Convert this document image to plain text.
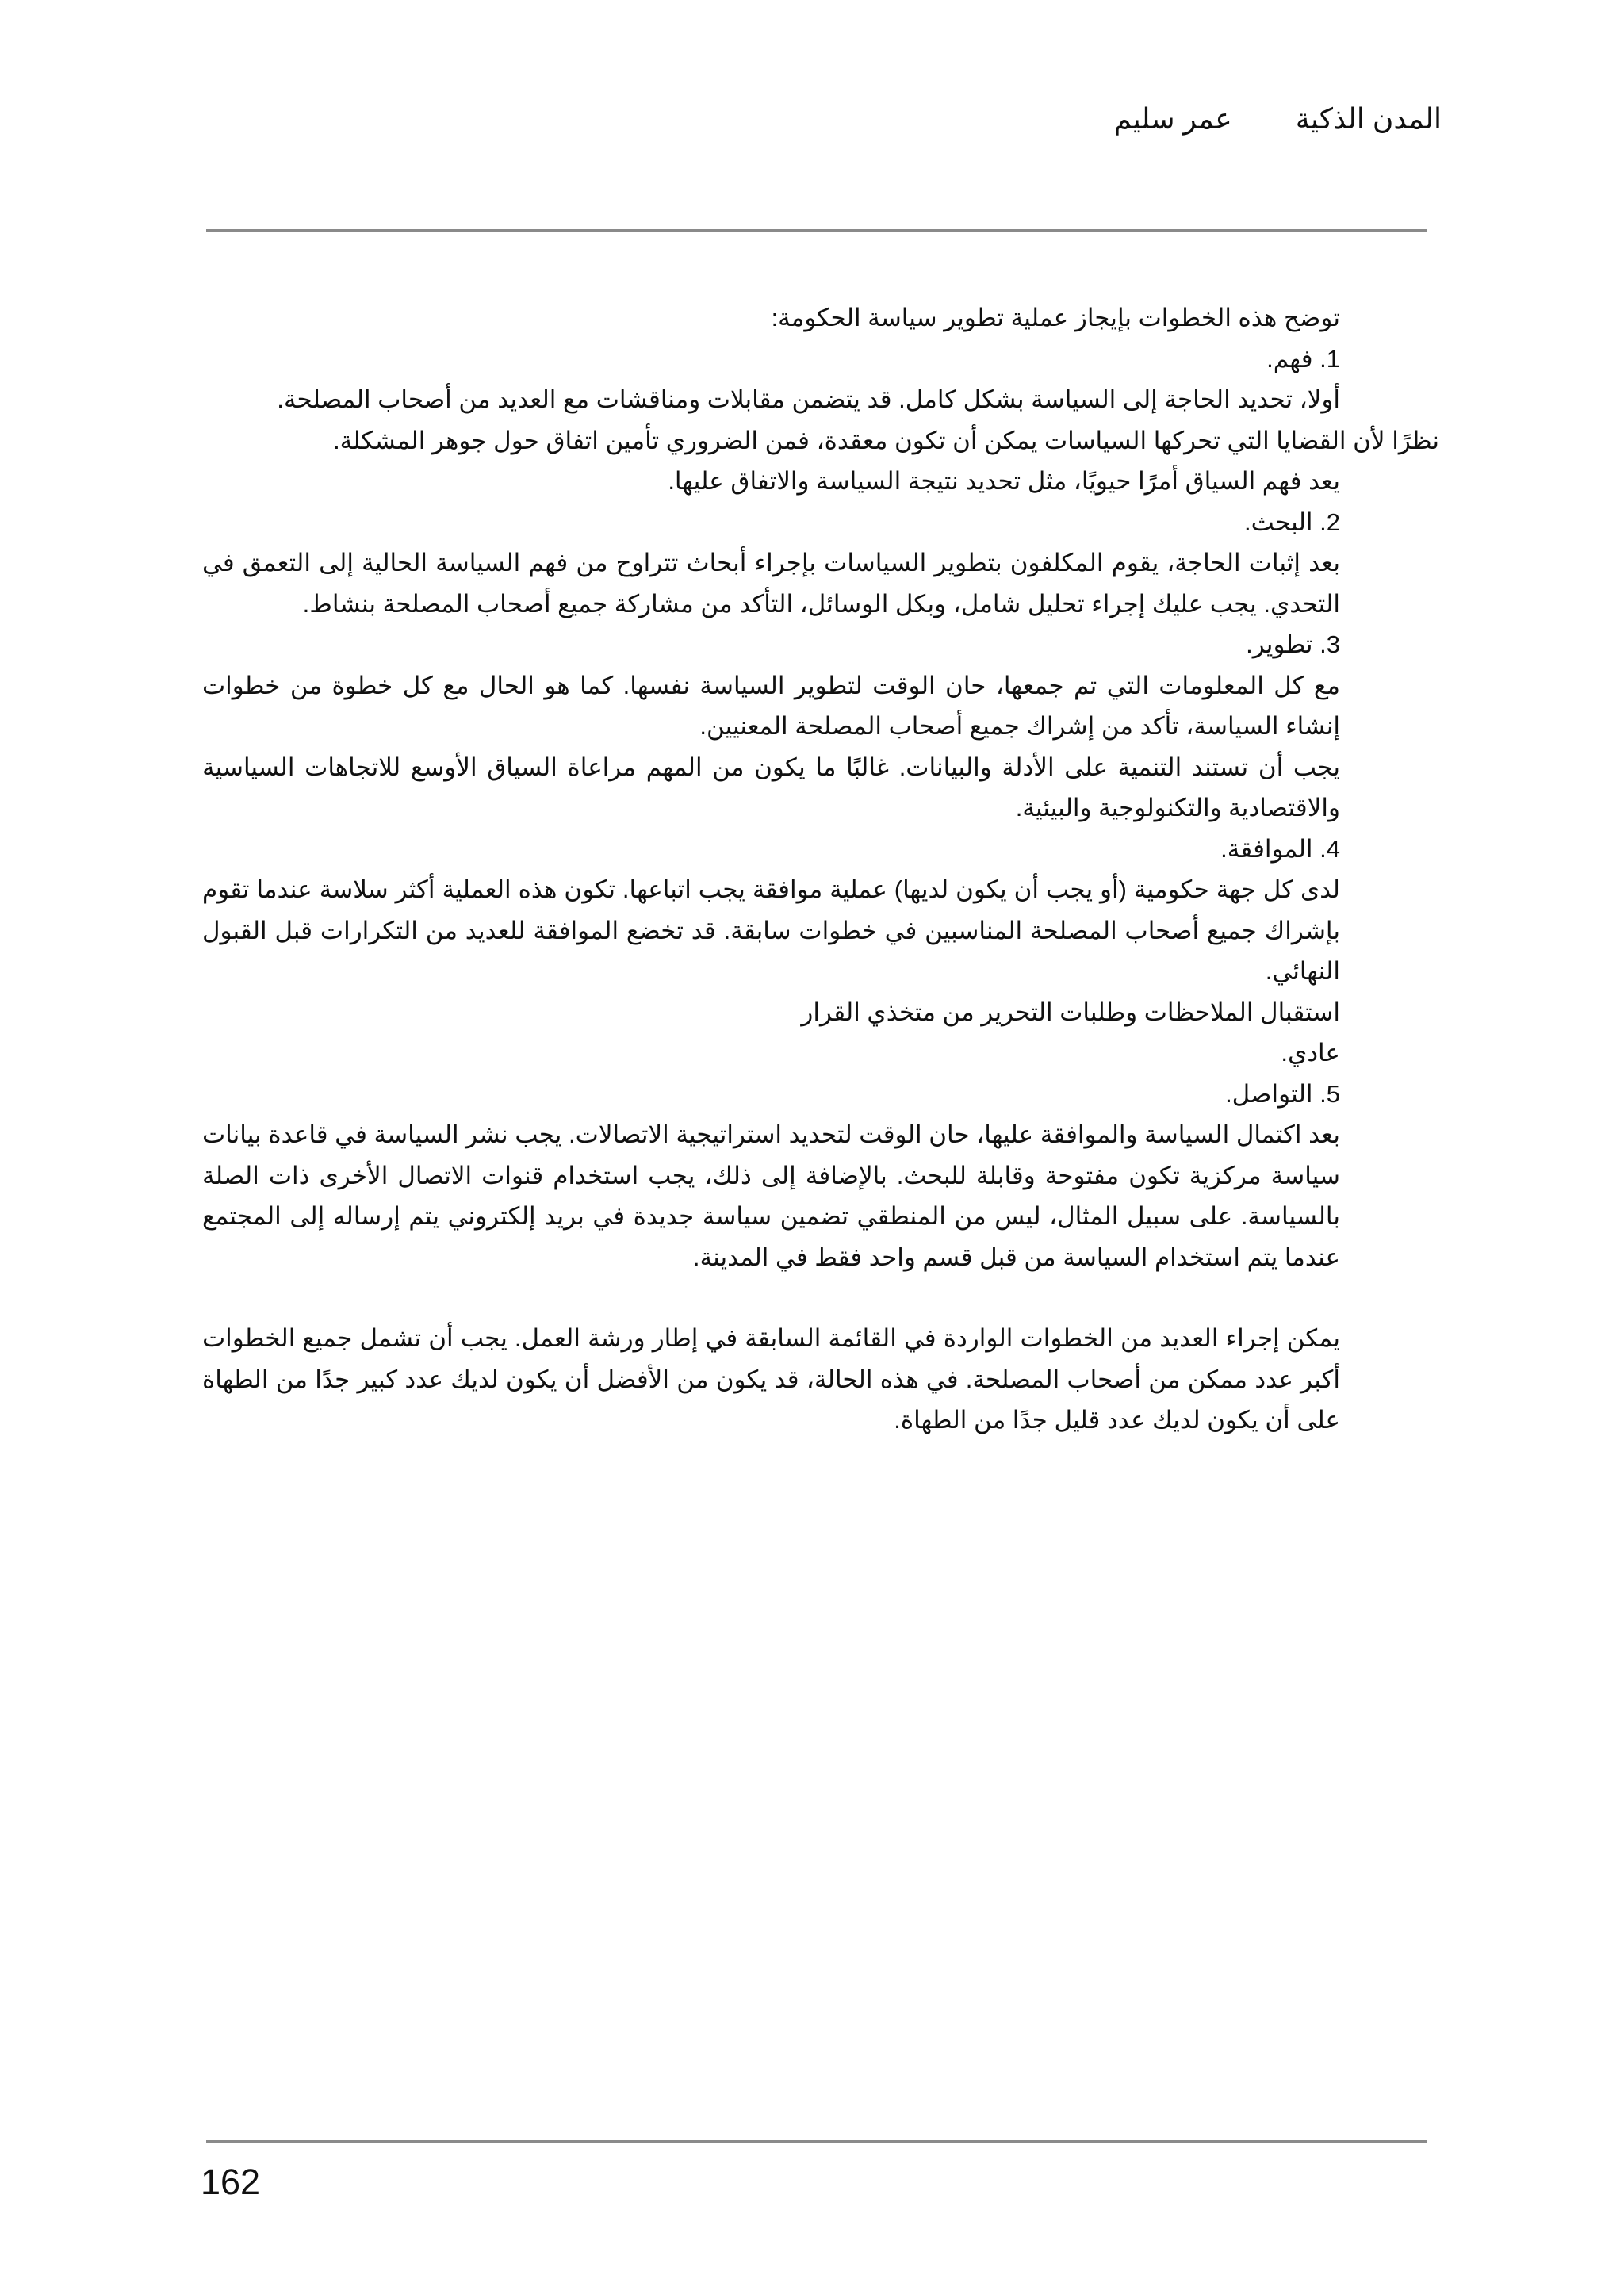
المدن الذكيةعمر سليم

توضح هذه الخطوات بإيجاز عملية تطوير سياسة الحكومة:

1. فهم.

أولا، تحديد الحاجة إلى السياسة بشكل كامل. قد يتضمن مقابلات ومناقشات مع العديد من أصحاب المصلحة.

نظرًا لأن القضايا التي تحركها السياسات يمكن أن تكون معقدة، فمن الضروري تأمين اتفاق حول جوهر المشكلة.

يعد فهم السياق أمرًا حيويًا، مثل تحديد نتيجة السياسة والاتفاق عليها.

2. البحث.

بعد إثبات الحاجة، يقوم المكلفون بتطوير السياسات بإجراء أبحاث تتراوح من فهم السياسة الحالية إلى التعمق في التحدي. يجب عليك إجراء تحليل شامل، وبكل الوسائل، التأكد من مشاركة جميع أصحاب المصلحة بنشاط.

3. تطوير.

مع كل المعلومات التي تم جمعها، حان الوقت لتطوير السياسة نفسها. كما هو الحال مع كل خطوة من خطوات إنشاء السياسة، تأكد من إشراك جميع أصحاب المصلحة المعنيين.

يجب أن تستند التنمية على الأدلة والبيانات. غالبًا ما يكون من المهم مراعاة السياق الأوسع للاتجاهات السياسية والاقتصادية والتكنولوجية والبيئية.

4. الموافقة.

لدى كل جهة حكومية (أو يجب أن يكون لديها) عملية موافقة يجب اتباعها. تكون هذه العملية أكثر سلاسة عندما تقوم بإشراك جميع أصحاب المصلحة المناسبين في خطوات سابقة. قد تخضع الموافقة للعديد من التكرارات قبل القبول النهائي.

استقبال الملاحظات وطلبات التحرير من متخذي القرار

عادي.

5. التواصل.

بعد اكتمال السياسة والموافقة عليها، حان الوقت لتحديد استراتيجية الاتصالات. يجب نشر السياسة في قاعدة بيانات سياسة مركزية تكون مفتوحة وقابلة للبحث. بالإضافة إلى ذلك، يجب استخدام قنوات الاتصال الأخرى ذات الصلة بالسياسة. على سبيل المثال، ليس من المنطقي تضمين سياسة جديدة في بريد إلكتروني يتم إرساله إلى المجتمع عندما يتم استخدام السياسة من قبل قسم واحد فقط في المدينة.

يمكن إجراء العديد من الخطوات الواردة في القائمة السابقة في إطار ورشة العمل. يجب أن تشمل جميع الخطوات أكبر عدد ممكن من أصحاب المصلحة. في هذه الحالة، قد يكون من الأفضل أن يكون لديك عدد كبير جدًا من الطهاة على أن يكون لديك عدد قليل جدًا من الطهاة.

162
